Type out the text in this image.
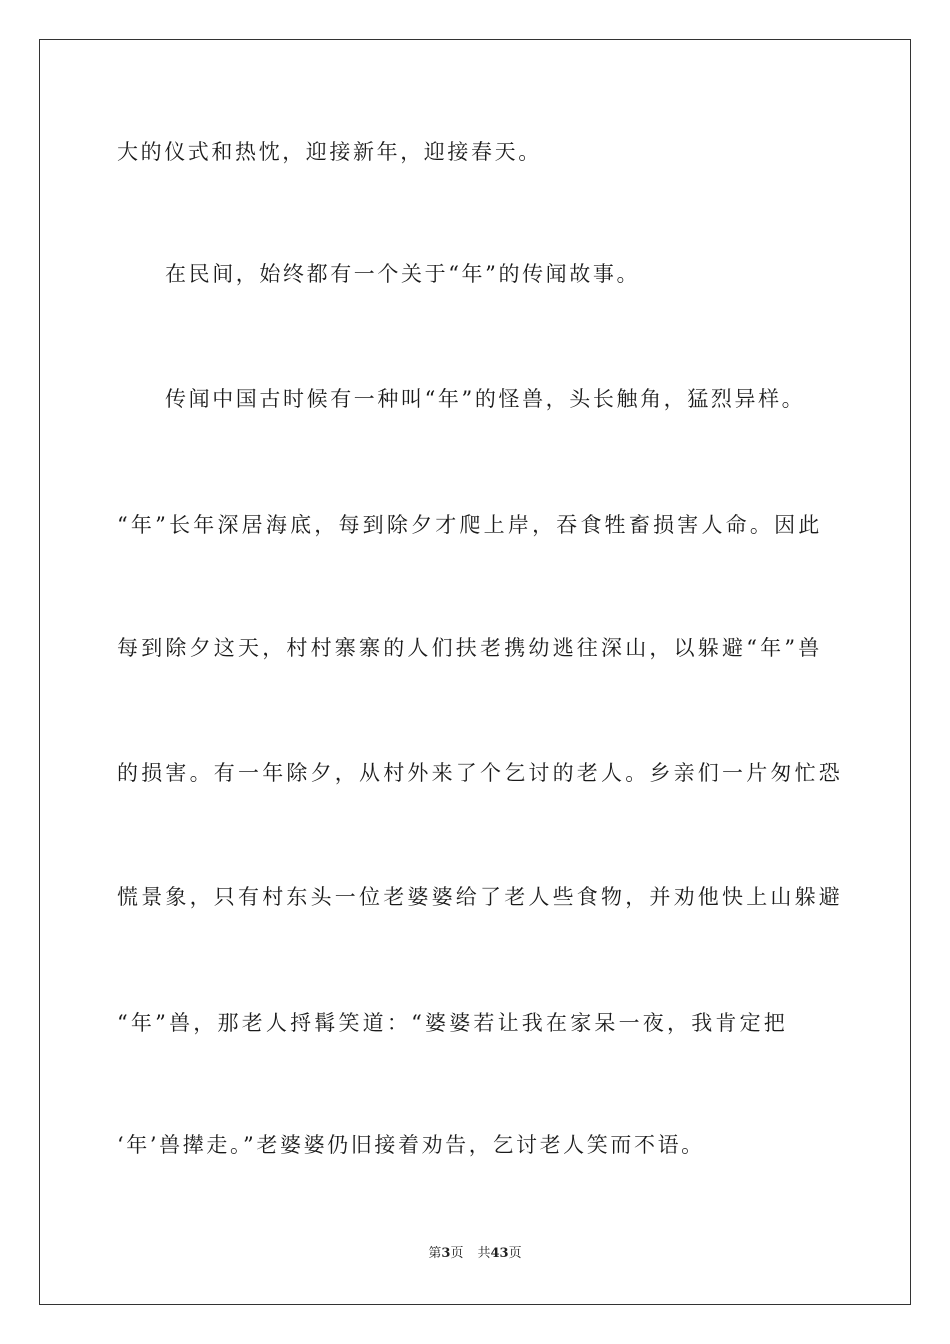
大的仪式和热忱，迎接新年，迎接春天。
在民间，始终都有一个关于“年”的传闻故事。
传闻中国古时候有一种叫“年”的怪兽，头长触角，猛烈异样。
“年”长年深居海底，每到除夕才爬上岸，吞食牲畜损害人命。因此
每到除夕这天，村村寨寨的人们扶老携幼逃往深山，以躲避“年”兽
的损害。有一年除夕，从村外来了个乞讨的老人。乡亲们一片匆忙恐
慌景象，只有村东头一位老婆婆给了老人些食物，并劝他快上山躲避
“年”兽，那老人捋髯笑道：“婆婆若让我在家呆一夜，我肯定把
‘年’兽撵走。”老婆婆仍旧接着劝告，乞讨老人笑而不语。
第3页 共43页
